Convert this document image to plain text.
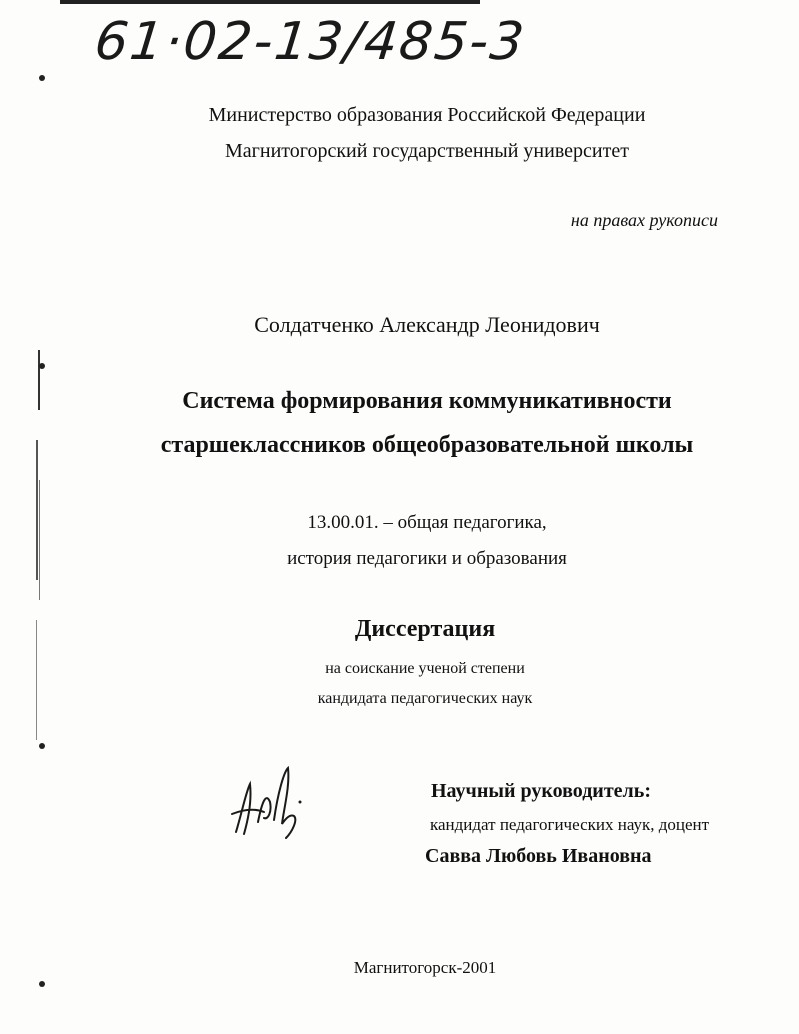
61·02-13/485-3
Министерство образования Российской Федерации
Магнитогорский государственный университет
на правах рукописи
Солдатченко Александр Леонидович
Система формирования коммуникативности
старшеклассников общеобразовательной школы
13.00.01. – общая педагогика,
история педагогики и образования
Диссертация
на соискание ученой степени
кандидата педагогических наук
Научный руководитель:
кандидат педагогических наук, доцент
Савва Любовь Ивановна
Магнитогорск-2001
